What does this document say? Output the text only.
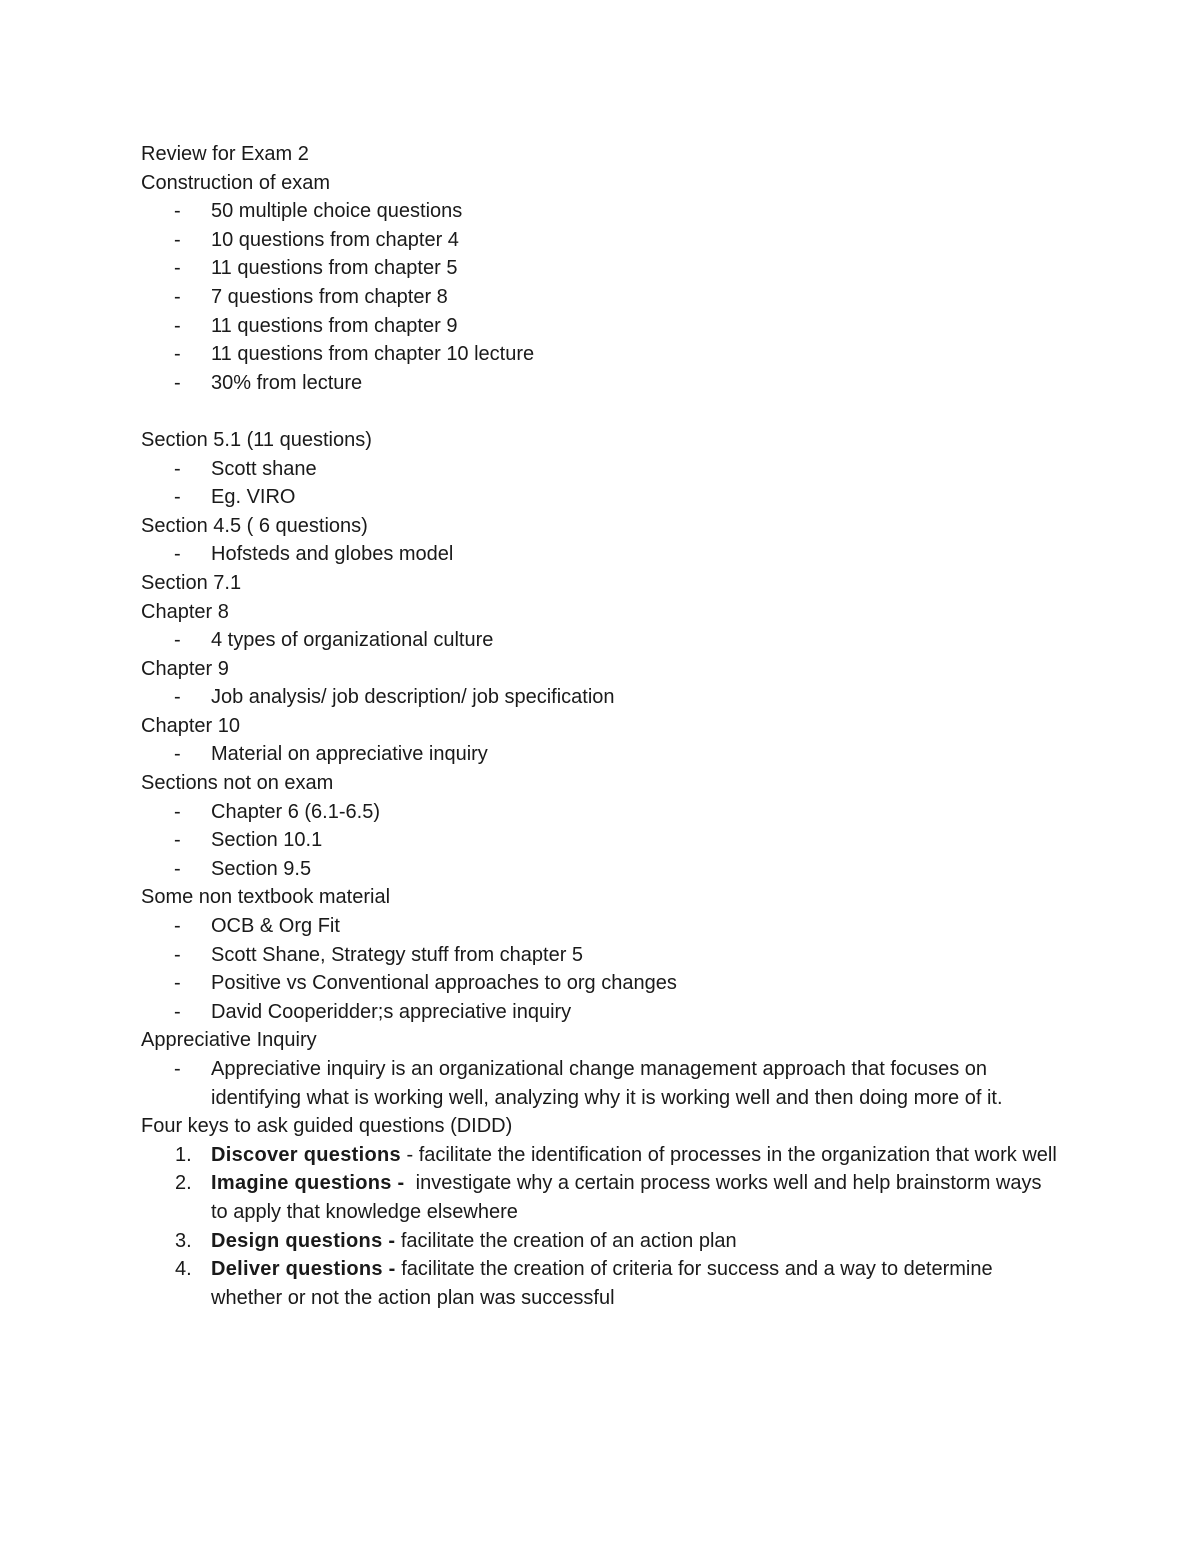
Review for Exam 2
Construction of exam
- 50 multiple choice questions
- 10 questions from chapter 4
- 11 questions from chapter 5
- 7 questions from chapter 8
- 11 questions from chapter 9
- 11 questions from chapter 10 lecture
- 30% from lecture
Section 5.1 (11 questions)
- Scott shane
- Eg. VIRO
Section 4.5 ( 6 questions)
- Hofsteds and globes model
Section 7.1
Chapter 8
- 4 types of organizational culture
Chapter 9
- Job analysis/ job description/ job specification
Chapter 10
- Material on appreciative inquiry
Sections not on exam
- Chapter 6 (6.1-6.5)
- Section 10.1
- Section 9.5
Some non textbook material
- OCB & Org Fit
- Scott Shane, Strategy stuff from chapter 5
- Positive vs Conventional approaches to org changes
- David Cooperidder;s appreciative inquiry
Appreciative Inquiry
- Appreciative inquiry is an organizational change management approach that focuses on identifying what is working well, analyzing why it is working well and then doing more of it.
Four keys to ask guided questions (DIDD)
1. Discover questions - facilitate the identification of processes in the organization that work well
2. Imagine questions - investigate why a certain process works well and help brainstorm ways to apply that knowledge elsewhere
3. Design questions - facilitate the creation of an action plan
4. Deliver questions - facilitate the creation of criteria for success and a way to determine whether or not the action plan was successful
